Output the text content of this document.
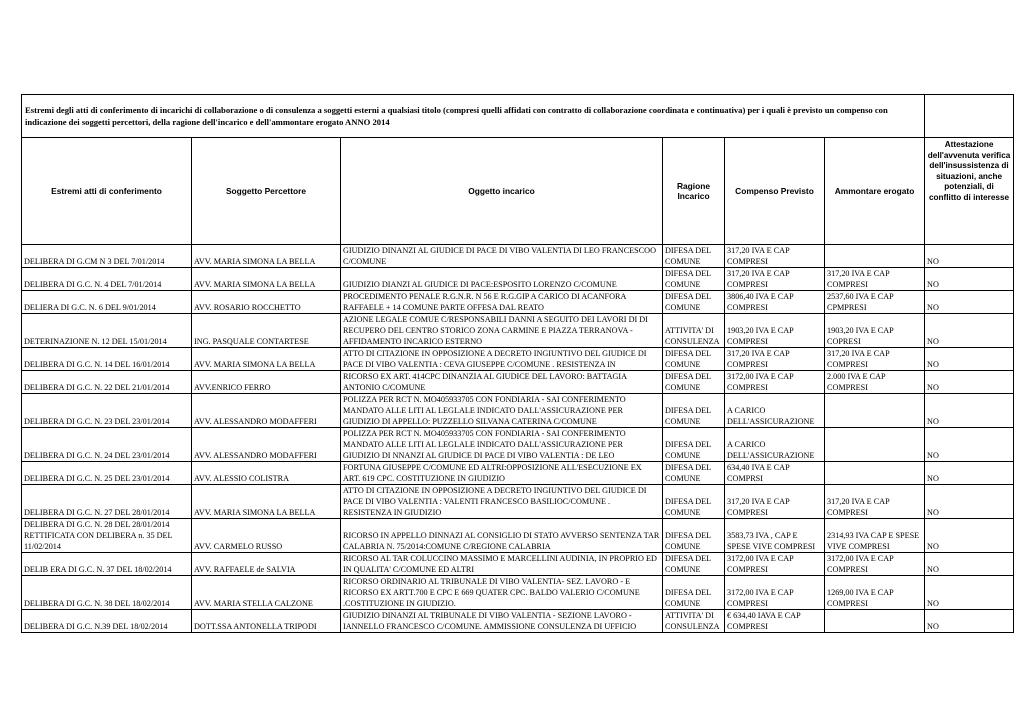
Estremi degli atti di conferimento di incarichi di collaborazione o di consulenza a soggetti esterni a qualsiasi titolo (compresi quelli affidati con contratto di collaborazione coordinata e continuativa) per i quali è previsto un compenso con indicazione dei soggetti percettori, della ragione dell'incarico e dell'ammontare erogato ANNO 2014						
Estremi atti di conferimento	Soggetto Percettore	Oggetto incarico	Ragione Incarico	Compenso Previsto	Ammontare erogato	Attestazione dell'avvenuta verifica dell'insussistenza di situazioni, anche potenziali, di conflitto di interesse
DELIBERA DI G.CM N 3 DEL 7/01/2014	AVV. MARIA SIMONA LA BELLA	GIUDIZIO DINANZI AL GIUDICE DI PACE DI VIBO VALENTIA DI LEO FRANCESCOO C/COMUNE	DIFESA DEL COMUNE	317,20 IVA E CAP COMPRESI		NO
DELIBERA DI G.C. N. 4 DEL 7/01/2014	AVV. MARIA SIMONA LA BELLA	GIUDIZIO DIANZI AL GIUDICE DI PACE:ESPOSITO LORENZO C/COMUNE	DIFESA DEL COMUNE	317,20 IVA E CAP COMPRESI	317,20 IVA E CAP COMPRESI	NO
DELIERA DI G.C. N. 6 DEL 9/01/2014	AVV. ROSARIO ROCCHETTO	PROCEDIMENTO PENALE R.G.N.R. N 56 E R.G.GIP A CARICO DI ACANFORA RAFFAELE + 14 COMUNE PARTE OFFESA DAL REATO	DIFESA DEL COMUNE	3806,40 IVA E CAP COMPRESI	2537,60 IVA E CAP CPMPRESI	NO
DETERINAZIONE N. 12 DEL 15/01/2014	ING. PASQUALE CONTARTESE	AZIONE LEGALE COMUE C/RESPONSABILI DANNI A SEGUITO DEI LAVORI DI DI RECUPERO DEL CENTRO STORICO ZONA CARMINE E PIAZZA TERRANOVA - AFFIDAMENTO INCARICO ESTERNO	ATTIVITA' DI CONSULENZA	1903,20 IVA E CAP COMPRESI	1903,20 IVA E CAP COPRESI	NO
DELIBERA DI G.C. N. 14 DEL 16/01/2014	AVV. MARIA SIMONA LA BELLA	ATTO DI CITAZIONE IN OPPOSIZIONE A DECRETO INGIUNTIVO DEL GIUDICE DI PACE DI VIBO VALENTIA : CEVA GIUSEPPE C/COMUNE . RESISTENZA IN	DIFESA DEL COMUNE	317,20 IVA E CAP COMPRESI	317,20 IVA E CAP COMPRESI	NO
DELIBERA DI G.C. N. 22 DEL 21/01/2014	AVV.ENRICO FERRO	RICORSO EX ART. 414CPC DINANZIA AL GIUDICE DEL LAVORO: BATTAGIA ANTONIO C/COMUNE	DIFESA DEL COMUNE	3172,00 IVA E CAP COMPRESI	2.000 IVA E CAP COMPRESI	NO
DELIBERA DI G.C. N. 23 DEL 23/01/2014	AVV. ALESSANDRO MODAFFERI	POLIZZA PER RCT N. MO405933705 CON FONDIARIA - SAI CONFERIMENTO MANDATO ALLE LITI AL LEGLALE INDICATO DALL'ASSICURAZIONE PER GIUDIZIO DI APPELLO: PUZZELLO SILVANA CATERINA C/COMUNE	DIFESA DEL COMUNE	A CARICO DELL'ASSICURAZIONE		NO
DELIBERA DI G.C. N. 24 DEL 23/01/2014	AVV. ALESSANDRO MODAFFERI	POLIZZA PER RCT N. MO405933705 CON FONDIARIA - SAI CONFERIMENTO MANDATO ALLE LITI AL LEGLALE INDICATO DALL'ASSICURAZIONE PER GIUDIZIO DI NNANZI AL GIUDICE DI PACE DI VIBO VALENTIA : DE LEO	DIFESA DEL COMUNE	A CARICO DELL'ASSICURAZIONE		NO
DELIBERA DI G.C. N. 25 DEL 23/01/2014	AVV. ALESSIO COLISTRA	FORTUNA GIUSEPPE C/COMUNE ED ALTRI:OPPOSIZIONE ALL'ESECUZIONE EX ART. 619 CPC. COSTITUZIONE IN GIUDIZIO	DIFESA DEL COMUNE	634,40 IVA E CAP COMPRSI		NO
DELIBERA DI G.C. N. 27 DEL 28/01/2014	AVV. MARIA SIMONA LA BELLA	ATTO DI CITAZIONE IN OPPOSIZIONE A DECRETO INGIUNTIVO DEL GIUDICE DI PACE DI VIBO VALENTIA : VALENTI FRANCESCO BASILIOC/COMUNE . RESISTENZA IN GIUDIZIO	DIFESA DEL COMUNE	317,20 IVA E CAP COMPRESI	317,20 IVA E CAP COMPRESI	NO
DELIBERA DI G.C. N. 28 DEL 28/01/2014 RETTIFICATA CON DELIBERA n. 35 DEL 11/02/2014	AVV. CARMELO RUSSO	RICORSO IN APPELLO DINNAZI AL CONSIGLIO DI STATO AVVERSO SENTENZA TAR CALABRIA N. 75/2014:COMUNE C/REGIONE CALABRIA	DIFESA DEL COMUNE	3583,73 IVA , CAP E SPESE VIVE COMPRESI	2314,93 IVA CAP E SPESE VIVE COMPRESI	NO
DELIB ERA DI G.C. N. 37 DEL 18/02/2014	AVV. RAFFAELE de SALVIA	RICORSO AL TAR COLUCCINO MASSIMO E MARCELLINI AUDINIA, IN PROPRIO ED IN QUALITA' C/COMUNE ED ALTRI	DIFESA DEL COMUNE	3172,00 IVA E CAP COMPRESI	3172,00 IVA E CAP COMPRESI	NO
DELIBERA DI G.C. N. 38 DEL 18/02/2014	AVV. MARIA STELLA CALZONE	RICORSO ORDINARIO AL TRIBUNALE DI VIBO VALENTIA- SEZ. LAVORO - E RICORSO EX ARTT.700 E CPC E 669 QUATER CPC. BALDO VALERIO C/COMUNE .COSTITUZIONE IN GIUDIZIO.	DIFESA DEL COMUNE	3172,00 IVA E CAP COMPRESI	1269,00 IVA E CAP COMPRESI	NO
DELIBERA DI G.C. N.39 DEL 18/02/2014	DOTT.SSA ANTONELLA TRIPODI	GIUDIZIO DINANZI AL TRIBUNALE DI VIBO VALENTIA - SEZIONE LAVORO - IANNELLO FRANCESCO C/COMUNE. AMMISSIONE CONSULENZA DI UFFICIO	ATTIVITA' DI CONSULENZA	€ 634,40 IAVA E CAP COMPRESI		NO
